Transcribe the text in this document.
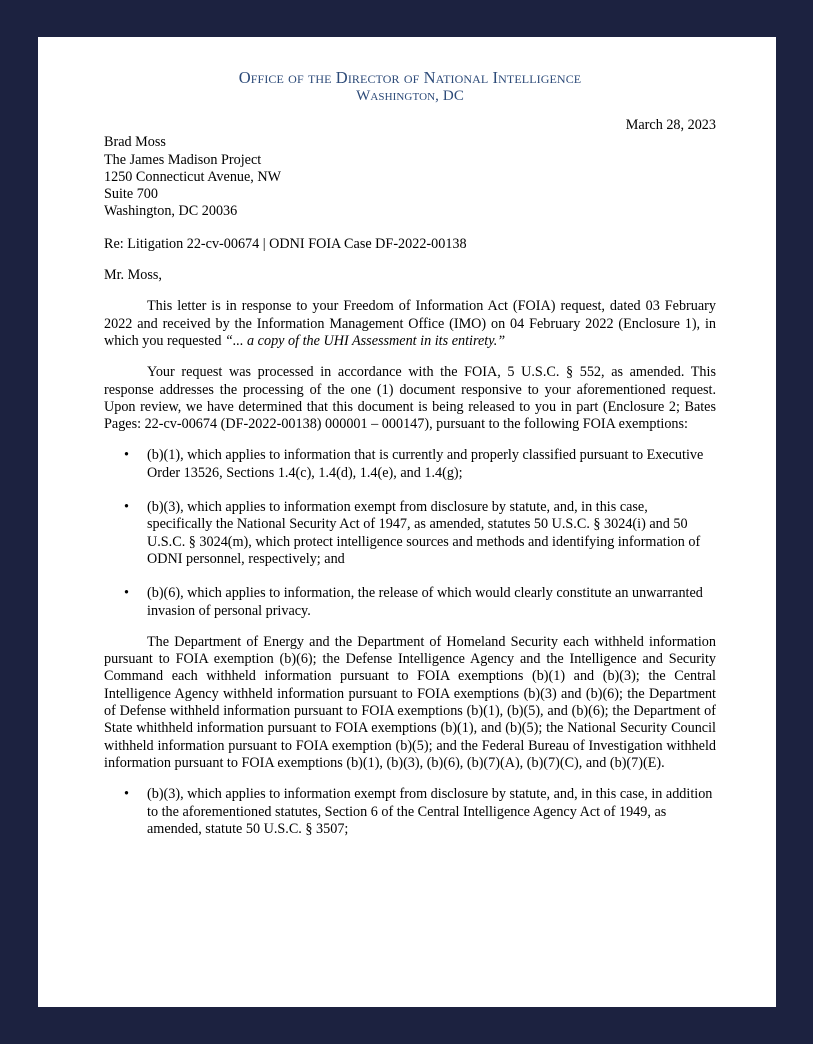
Office of the Director of National Intelligence
Washington, DC
March 28, 2023
Brad Moss
The James Madison Project
1250 Connecticut Avenue, NW
Suite 700
Washington, DC 20036
Re: Litigation 22-cv-00674 | ODNI FOIA Case DF-2022-00138
Mr. Moss,

This letter is in response to your Freedom of Information Act (FOIA) request, dated 03 February 2022 and received by the Information Management Office (IMO) on 04 February 2022 (Enclosure 1), in which you requested “... a copy of the UHI Assessment in its entirety.”

Your request was processed in accordance with the FOIA, 5 U.S.C. § 552, as amended. This response addresses the processing of the one (1) document responsive to your aforementioned request. Upon review, we have determined that this document is being released to you in part (Enclosure 2; Bates Pages: 22-cv-00674 (DF-2022-00138) 000001 – 000147), pursuant to the following FOIA exemptions:

• (b)(1), which applies to information that is currently and properly classified pursuant to Executive Order 13526, Sections 1.4(c), 1.4(d), 1.4(e), and 1.4(g);
• (b)(3), which applies to information exempt from disclosure by statute, and, in this case, specifically the National Security Act of 1947, as amended, statutes 50 U.S.C. § 3024(i) and 50 U.S.C. § 3024(m), which protect intelligence sources and methods and identifying information of ODNI personnel, respectively; and
• (b)(6), which applies to information, the release of which would clearly constitute an unwarranted invasion of personal privacy.

The Department of Energy and the Department of Homeland Security each withheld information pursuant to FOIA exemption (b)(6); the Defense Intelligence Agency and the Intelligence and Security Command each withheld information pursuant to FOIA exemptions (b)(1) and (b)(3); the Central Intelligence Agency withheld information pursuant to FOIA exemptions (b)(3) and (b)(6); the Department of Defense withheld information pursuant to FOIA exemptions (b)(1), (b)(5), and (b)(6); the Department of State whithheld information pursuant to FOIA exemptions (b)(1), and (b)(5); the National Security Council withheld information pursuant to FOIA exemption (b)(5); and the Federal Bureau of Investigation withheld information pursuant to FOIA exemptions (b)(1), (b)(3), (b)(6), (b)(7)(A), (b)(7)(C), and (b)(7)(E).

• (b)(3), which applies to information exempt from disclosure by statute, and, in this case, in addition to the aforementioned statutes, Section 6 of the Central Intelligence Agency Act of 1949, as amended, statute 50 U.S.C. § 3507;
